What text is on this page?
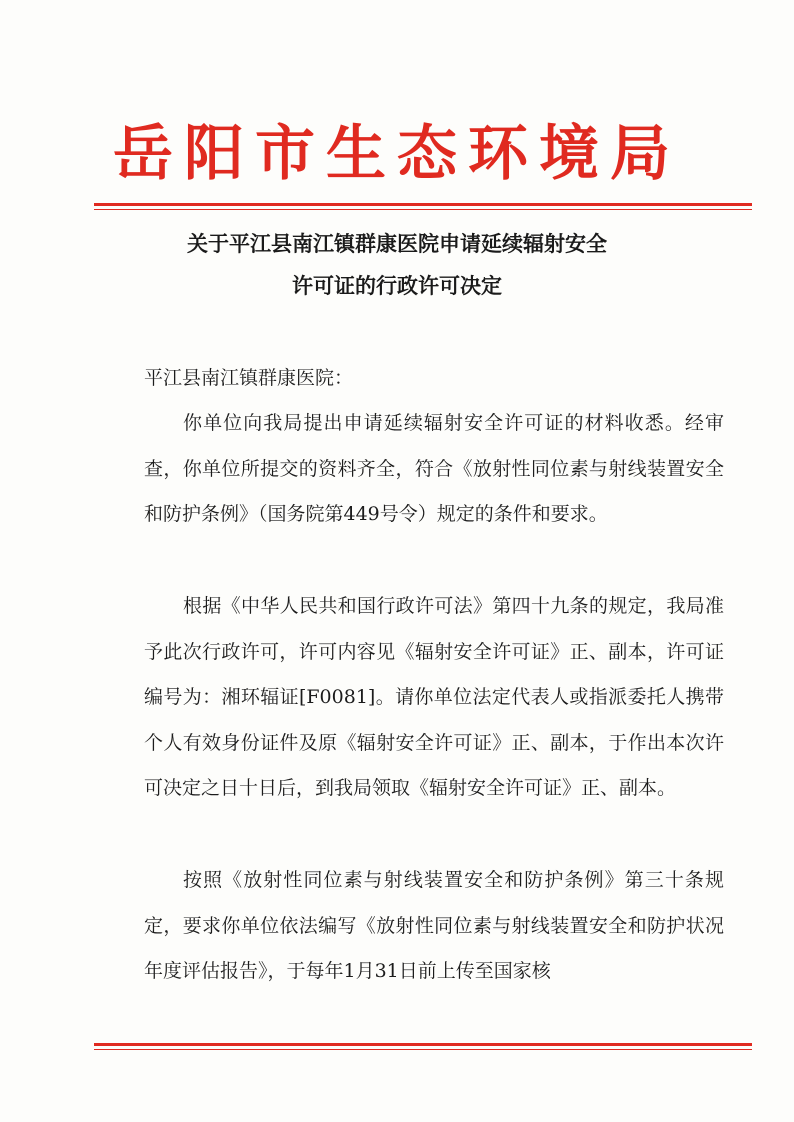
岳阳市生态环境局
关于平江县南江镇群康医院申请延续辐射安全
许可证的行政许可决定
平江县南江镇群康医院：
你单位向我局提出申请延续辐射安全许可证的材料收悉。经审查，你单位所提交的资料齐全，符合《放射性同位素与射线装置安全和防护条例》（国务院第449号令）规定的条件和要求。
根据《中华人民共和国行政许可法》第四十九条的规定，我局准予此次行政许可，许可内容见《辐射安全许可证》正、副本，许可证编号为：湘环辐证[F0081]。请你单位法定代表人或指派委托人携带个人有效身份证件及原《辐射安全许可证》正、副本，于作出本次许可决定之日十日后，到我局领取《辐射安全许可证》正、副本。
按照《放射性同位素与射线装置安全和防护条例》第三十条规定，要求你单位依法编写《放射性同位素与射线装置安全和防护状况年度评估报告》，于每年1月31日前上传至国家核
